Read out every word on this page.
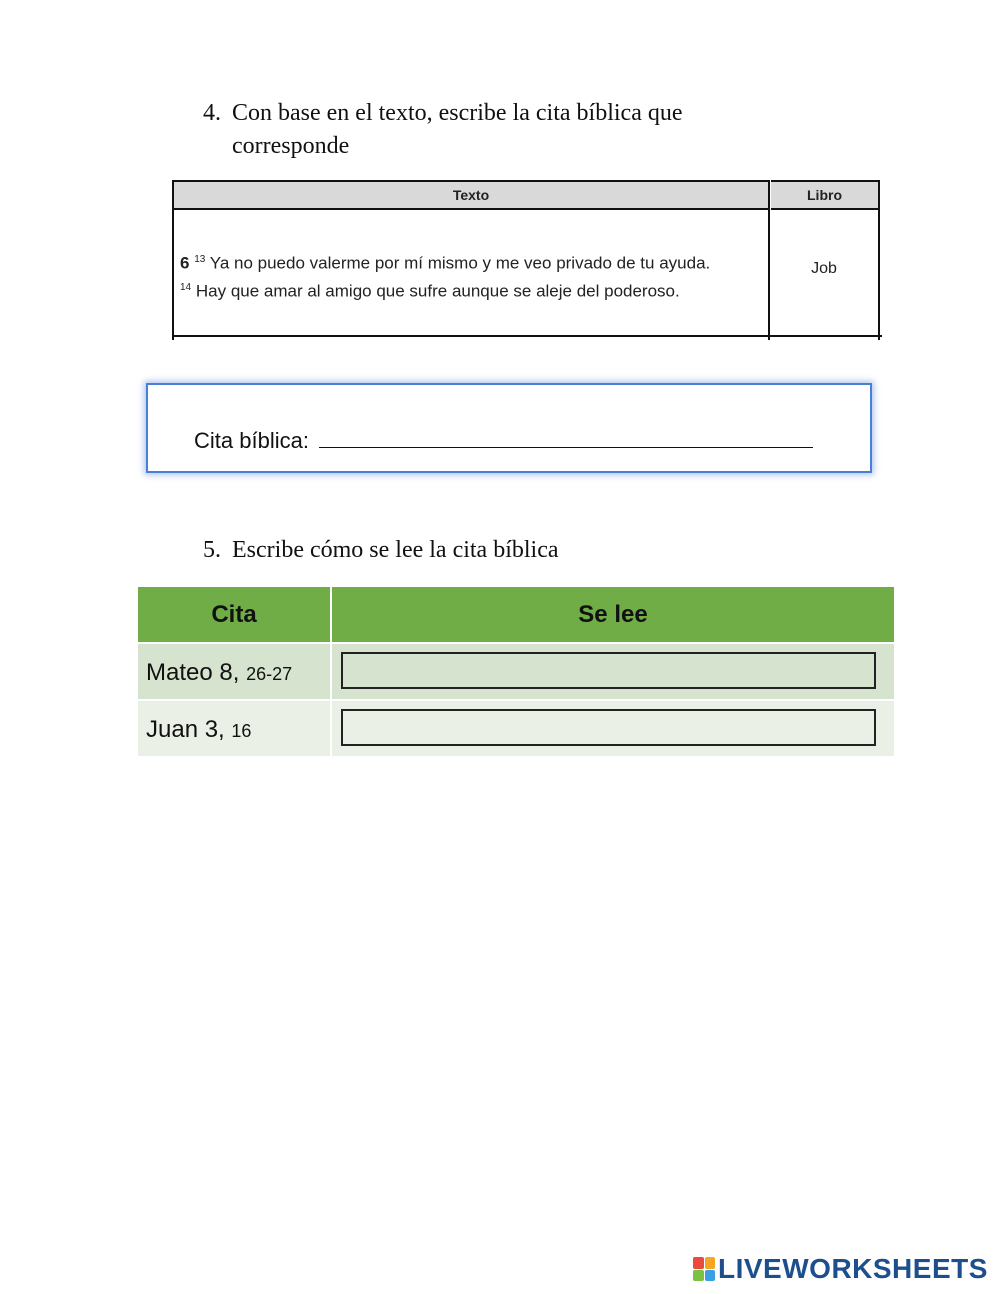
4. Con base en el texto, escribe la cita bíblica que
corresponde
Texto	Libro
6 $^{13}$ Ya no puedo valerme por mí mismo y me veo privado de tu ayuda.
$^{14}$ Hay que amar al amigo que sufre aunque se aleje del poderoso.
Job
Cita bíblica:
5. Escribe cómo se lee la cita bíblica
Cita	Se lee
Mateo 8, 26-27
Juan 3, 16
LIVEWORKSHEETS
